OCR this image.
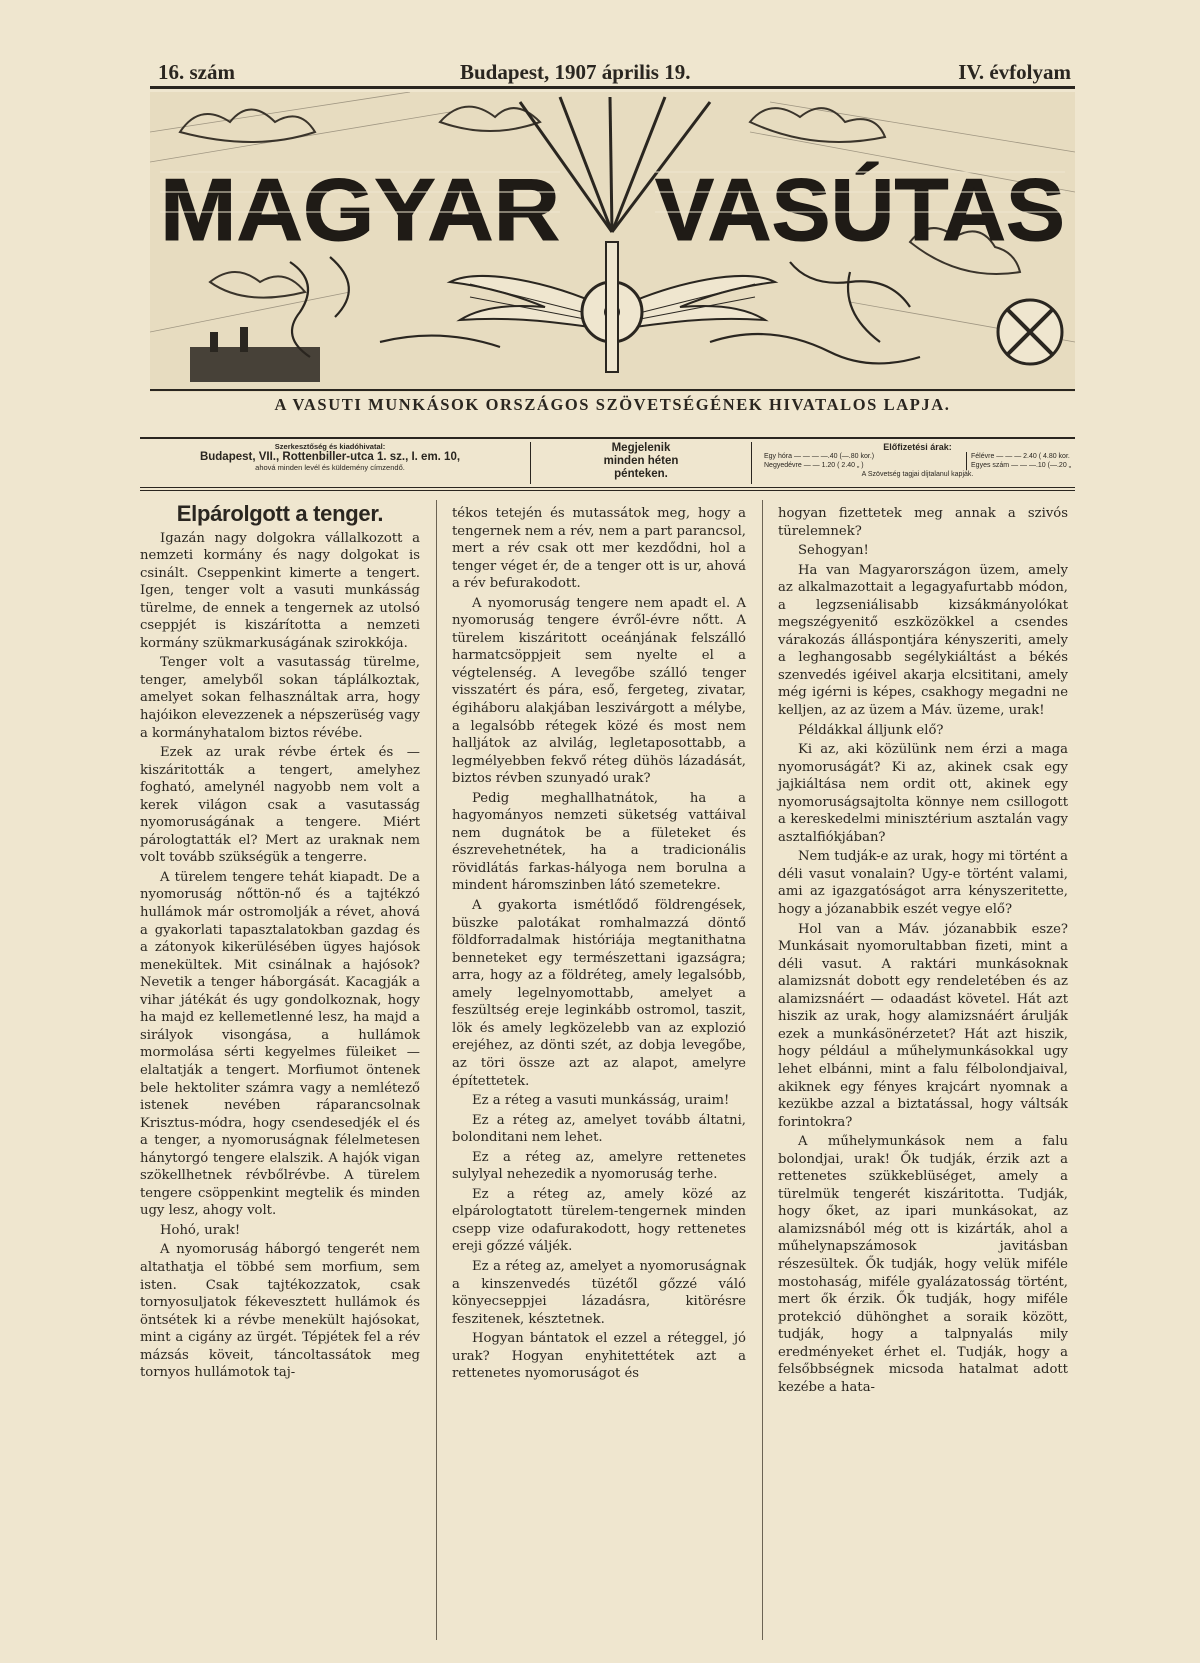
16. szám	Budapest, 1907 április 19.	IV. évfolyam
MAGYAR VASÚTAS
A VASUTI MUNKÁSOK ORSZÁGOS SZÖVETSÉGÉNEK HIVATALOS LAPJA.
Szerkesztőség és kiadóhivatal:
Budapest, VII., Rottenbiller-utca 1. sz., I. em. 10,
ahová minden levél és küldemény címzendő.
Megjelenik
minden héten
pénteken.
Előfizetési árak:
Egy hóra — — — —.40 (—.80 kor.)
Negyedévre — — 1.20 ( 2.40 „ )
Félévre — — — 2.40 ( 4.80 kor.
Egyes szám — — —.10 (—.20 „
A Szövetség tagjai díjtalanul kapják.
Elpárolgott a tenger.

Igazán nagy dolgokra vállalkozott a nemzeti kormány és nagy dolgokat is csinált. Cseppenkint kimerte a tengert. Igen, tenger volt a vasuti munkásság türelme, de ennek a tengernek az utolsó cseppjét is kiszárította a nemzeti kormány szükmarkuságának szirokkója.

Tenger volt a vasutasság türelme, tenger, amelyből sokan táplálkoztak, amelyet sokan felhasználtak arra, hogy hajóikon elevezzenek a népszerüség vagy a kormányhatalom biztos révébe.

Ezek az urak révbe értek és — kiszáritották a tengert, amelyhez fogható, amelynél nagyobb nem volt a kerek világon csak a vasutasság nyomoruságának a tengere. Miért párologtatták el? Mert az uraknak nem volt tovább szükségük a tengerre.

A türelem tengere tehát kiapadt. De a nyomoruság nőttön-nő és a tajtékzó hullámok már ostromolják a révet, ahová a gyakorlati tapasztalatokban gazdag és a zátonyok kikerülésében ügyes hajósok menekültek. Mit csinálnak a hajósok? Nevetik a tenger háborgását. Kacagják a vihar játékát és ugy gondolkoznak, hogy ha majd ez kellemetlenné lesz, ha majd a sirályok visongása, a hullámok mormolása sérti kegyelmes füleiket — elaltatják a tengert. Morfiumot öntenek bele hektoliter számra vagy a nemlétező istenek nevében ráparancsolnak Krisztus-módra, hogy csendesedjék el és a tenger, a nyomoruságnak félelmetesen hánytorgó tengere elalszik. A hajók vigan szökellhetnek révbőlrévbe. A türelem tengere csöppenkint megtelik és minden ugy lesz, ahogy volt.

Hohó, urak!

A nyomoruság háborgó tengerét nem altathatja el többé sem morfium, sem isten. Csak tajtékozzatok, csak tornyosuljatok fékevesztett hullámok és öntsétek ki a révbe menekült hajósokat, mint a cigány az ürgét. Tépjétek fel a rév mázsás köveit, táncoltassátok meg tornyos hullámotok taj-

tékos tetején és mutassátok meg, hogy a tengernek nem a rév, nem a part parancsol, mert a rév csak ott mer kezdődni, hol a tenger véget ér, de a tenger ott is ur, ahová a rév befurakodott.

A nyomoruság tengere nem apadt el. A nyomoruság tengere évről-évre nőtt. A türelem kiszáritott oceánjának felszálló harmatcsöppjeit sem nyelte el a végtelenség. A levegőbe szálló tenger visszatért és pára, eső, fergeteg, zivatar, égiháboru alakjában leszivárgott a mélybe, a legalsóbb rétegek közé és most nem halljátok az alvilág, legletaposottabb, a legmélyebben fekvő réteg dühös lázadását, biztos révben szunyadó urak?

Pedig meghallhatnátok, ha a hagyományos nemzeti süketség vattáival nem dugnátok be a fületeket és észrevehetnétek, ha a tradicionális rövidlátás farkas-hályoga nem borulna a mindent háromszinben látó szemetekre.

A gyakorta ismétlődő földrengések, büszke palotákat romhalmazzá döntő földforradalmak históriája megtanithatna benneteket egy természettani igazságra; arra, hogy az a földréteg, amely legalsóbb, amely legelnyomottabb, amelyet a feszültség ereje leginkább ostromol, taszit, lök és amely legközelebb van az explozió erejéhez, az dönti szét, az dobja levegőbe, az töri össze azt az alapot, amelyre építettetek.

Ez a réteg a vasuti munkásság, uraim!

Ez a réteg az, amelyet tovább áltatni, bolonditani nem lehet.

Ez a réteg az, amelyre rettenetes sulylyal nehezedik a nyomoruság terhe.

Ez a réteg az, amely közé az elpárologtatott türelem-tengernek minden csepp vize odafurakodott, hogy rettenetes ereji gőzzé váljék.

Ez a réteg az, amelyet a nyomoruságnak a kinszenvedés tüzétől gőzzé váló könyecseppjei lázadásra, kitörésre feszitenek, késztetnek.

Hogyan bántatok el ezzel a réteggel, jó urak? Hogyan enyhitettétek azt a rettenetes nyomoruságot és

hogyan fizettetek meg annak a szivós türelemnek?

Sehogyan!

Ha van Magyarországon üzem, amely az alkalmazottait a legagyafurtabb módon, a legzseniálisabb kizsákmányolókat megszégyenitő eszközökkel a csendes várakozás álláspontjára kényszeriti, amely a leghangosabb segélykiáltást a békés szenvedés igéivel akarja elcsititani, amely még igérni is képes, csakhogy megadni ne kelljen, az az üzem a Máv. üzeme, urak!

Példákkal álljunk elő?

Ki az, aki közülünk nem érzi a maga nyomoruságát? Ki az, akinek csak egy jajkiáltása nem ordit ott, akinek egy nyomoruságsajtolta könnye nem csillogott a kereskedelmi minisztérium asztalán vagy asztalfiókjában?

Nem tudják-e az urak, hogy mi történt a déli vasut vonalain? Ugy-e történt valami, ami az igazgatóságot arra kényszeritette, hogy a józanabbik eszét vegye elő?

Hol van a Máv. józanabbik esze? Munkásait nyomorultabban fizeti, mint a déli vasut. A raktári munkásoknak alamizsnát dobott egy rendeletében és az alamizsnáért — odaadást követel. Hát azt hiszik az urak, hogy alamizsnáért árulják ezek a munkásönérzetet? Hát azt hiszik, hogy például a műhelymunkásokkal ugy lehet elbánni, mint a falu félbolondjaival, akiknek egy fényes krajcárt nyomnak a kezükbe azzal a biztatással, hogy váltsák forintokra?

A műhelymunkások nem a falu bolondjai, urak! Ők tudják, érzik azt a rettenetes szükkeblüséget, amely a türelmük tengerét kiszáritotta. Tudják, hogy őket, az ipari munkásokat, az alamizsnából még ott is kizárták, ahol a műhelynapszámosok javitásban részesültek. Ők tudják, hogy velük miféle mostohaság, miféle gyalázatosság történt, mert ők érzik. Ők tudják, hogy miféle protekció dühönghet a soraik között, tudják, hogy a talpnyalás mily eredményeket érhet el. Tudják, hogy a felsőbbségnek micsoda hatalmat adott kezébe a hata-
